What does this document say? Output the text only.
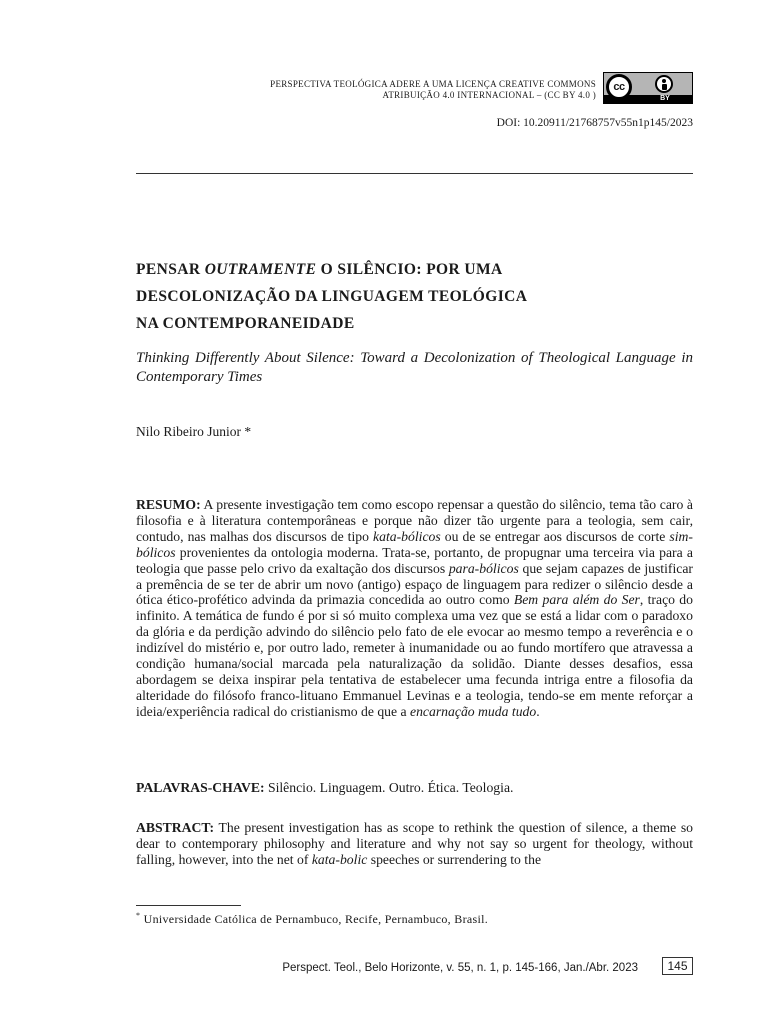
PERSPECTIVA TEOLÓGICA ADERE A UMA LICENÇA CREATIVE COMMONS
ATRIBUIÇÃO 4.0 INTERNACIONAL – (CC BY 4.0 )
cc
BY
DOI: 10.20911/21768757v55n1p145/2023
PENSAR OUTRAMENTE O SILÊNCIO: POR UMA
DESCOLONIZAÇÃO DA LINGUAGEM TEOLÓGICA
NA CONTEMPORANEIDADE
Thinking Differently About Silence: Toward a Decolonization of Theological Language in Contemporary Times
Nilo Ribeiro Junior *

RESUMO: A presente investigação tem como escopo repensar a questão do silêncio, tema tão caro à filosofia e à literatura contemporâneas e porque não dizer tão urgente para a teologia, sem cair, contudo, nas malhas dos discursos de tipo kata-bólicos ou de se entregar aos discursos de corte sim-bólicos provenientes da ontologia moderna. Trata-se, portanto, de propugnar uma terceira via para a teologia que passe pelo crivo da exaltação dos discursos para-bólicos que sejam capazes de justificar a premência de se ter de abrir um novo (antigo) espaço de linguagem para redizer o silêncio desde a ótica ético-profético advinda da primazia concedida ao outro como Bem para além do Ser, traço do infinito. A temática de fundo é por si só muito complexa uma vez que se está a lidar com o paradoxo da glória e da perdição advindo do silêncio pelo fato de ele evocar ao mesmo tempo a reverência e o indizível do mistério e, por outro lado, remeter à inumanidade ou ao fundo mortífero que atravessa a condição humana/social marcada pela naturalização da solidão. Diante desses desafios, essa abordagem se deixa inspirar pela tentativa de estabelecer uma fecunda intriga entre a filosofia da alteridade do filósofo franco-lituano Emmanuel Levinas e a teologia, tendo-se em mente reforçar a ideia/experiência radical do cristianismo de que a encarnação muda tudo.

PALAVRAS-CHAVE: Silêncio. Linguagem. Outro. Ética. Teologia.

ABSTRACT: The present investigation has as scope to rethink the question of silence, a theme so dear to contemporary philosophy and literature and why not say so urgent for theology, without falling, however, into the net of kata-bolic speeches or surrendering to the

* Universidade Católica de Pernambuco, Recife, Pernambuco, Brasil.
Perspect. Teol., Belo Horizonte, v. 55, n. 1, p. 145-166, Jan./Abr. 2023	145
